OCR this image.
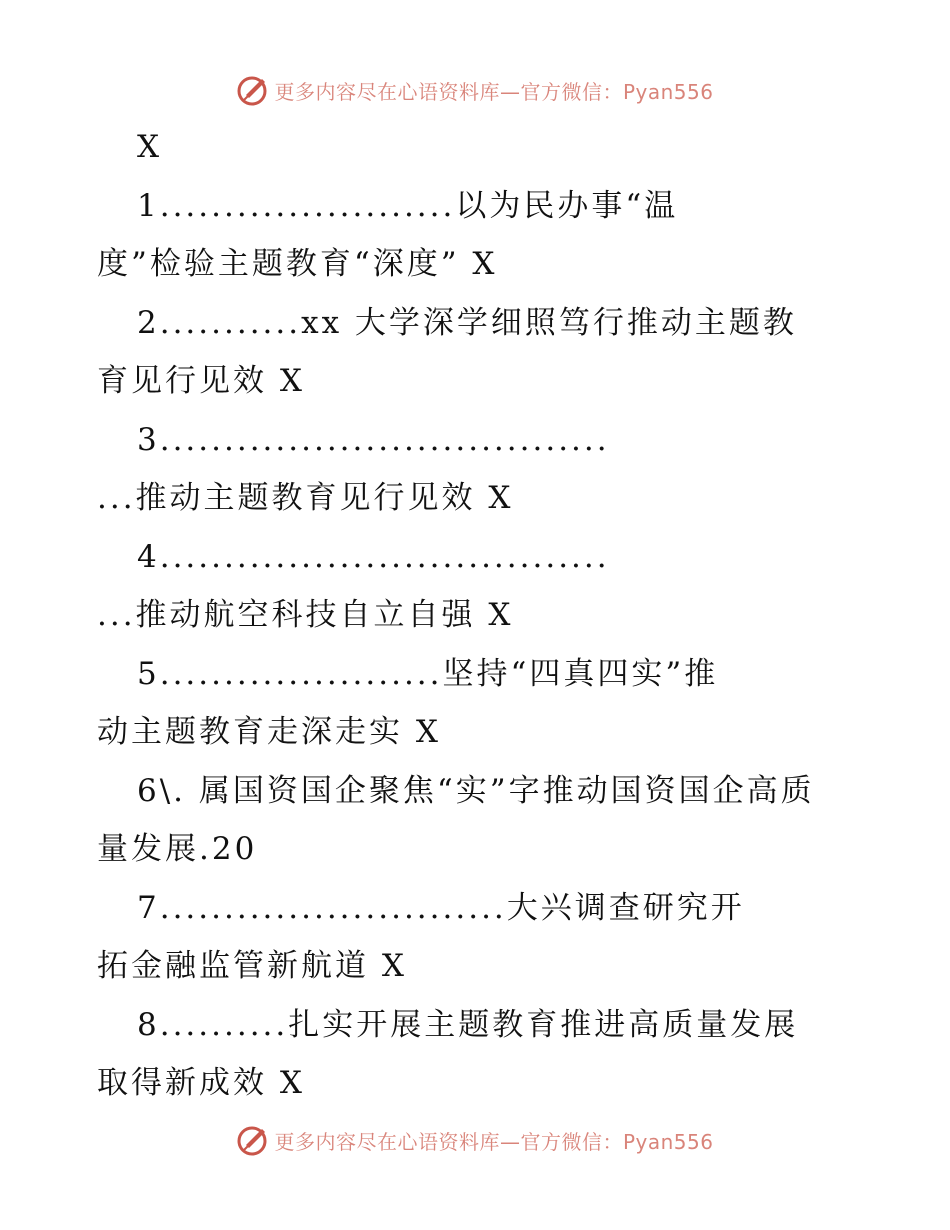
更多内容尽在心语资料库—官方微信：Pyan556
X
1.......................以为民办事“温
度”检验主题教育“深度” X
2...........xx 大学深学细照笃行推动主题教
育见行见效 X
3...................................
...推动主题教育见行见效 X
4...................................
...推动航空科技自立自强 X
5......................坚持“四真四实”推
动主题教育走深走实 X
6\. 属国资国企聚焦“实”字推动国资国企高质
量发展.20
7...........................大兴调查研究开
拓金融监管新航道 X
8..........扎实开展主题教育推进高质量发展
取得新成效 X
更多内容尽在心语资料库—官方微信：Pyan556
